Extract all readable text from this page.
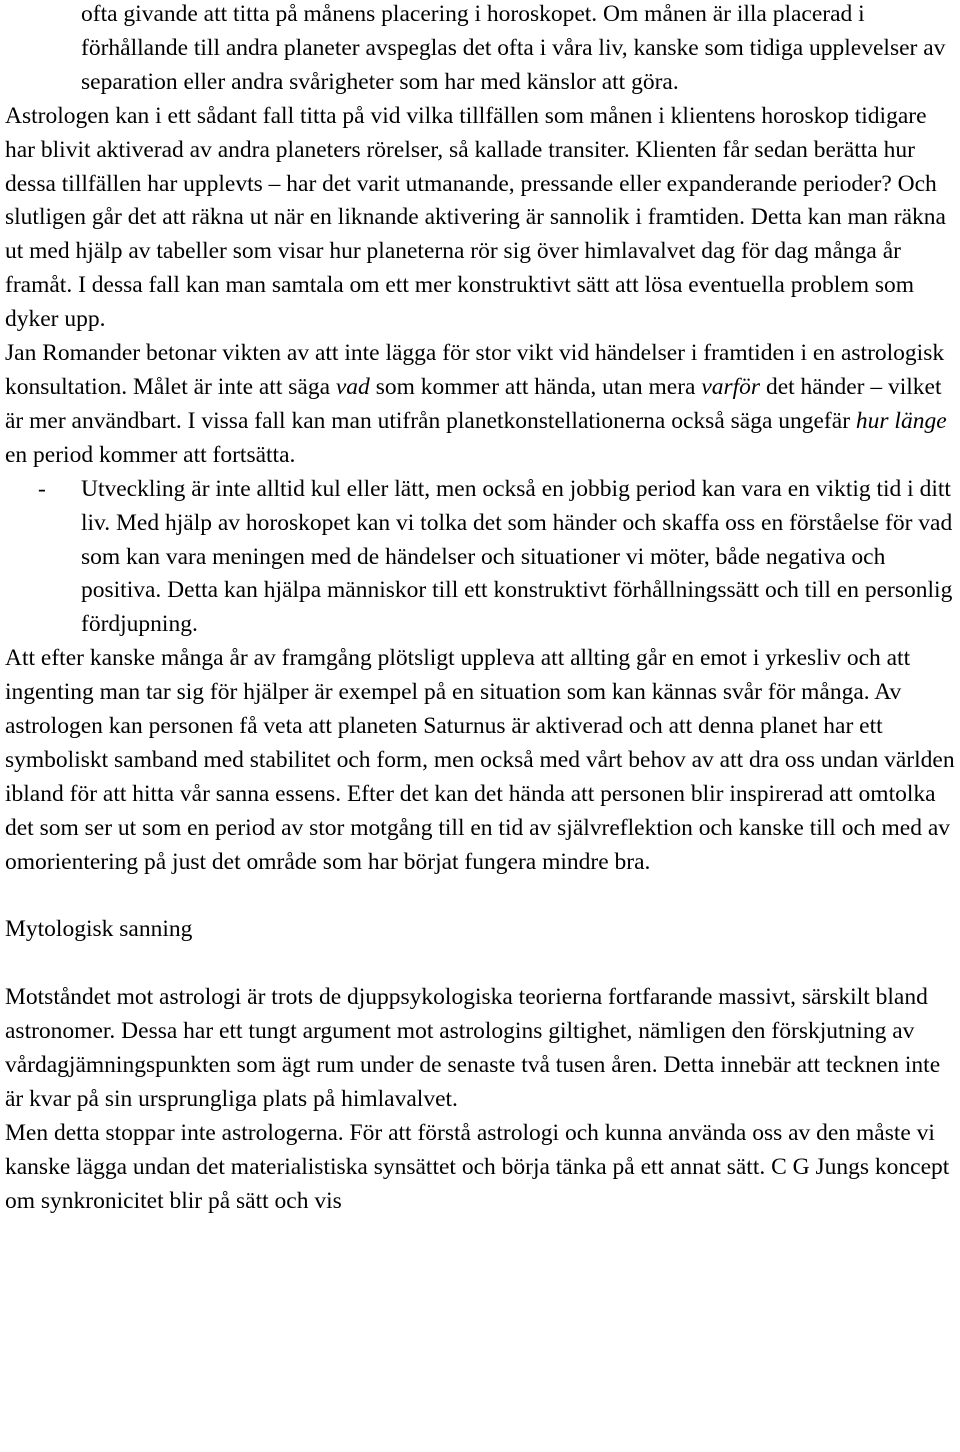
ofta givande att titta på månens placering i horoskopet. Om månen är illa placerad i förhållande till andra planeter avspeglas det ofta i våra liv, kanske som tidiga upplevelser av separation eller andra svårigheter som har med känslor att göra.

Astrologen kan i ett sådant fall titta på vid vilka tillfällen som månen i klientens horoskop tidigare har blivit aktiverad av andra planeters rörelser, så kallade transiter. Klienten får sedan berätta hur dessa tillfällen har upplevts – har det varit utmanande, pressande eller expanderande perioder? Och slutligen går det att räkna ut när en liknande aktivering är sannolik i framtiden. Detta kan man räkna ut med hjälp av tabeller som visar hur planeterna rör sig över himlavalvet dag för dag många år framåt. I dessa fall kan man samtala om ett mer konstruktivt sätt att lösa eventuella problem som dyker upp.

Jan Romander betonar vikten av att inte lägga för stor vikt vid händelser i framtiden i en astrologisk konsultation. Målet är inte att säga vad som kommer att hända, utan mera varför det händer – vilket är mer användbart. I vissa fall kan man utifrån planetkonstellationerna också säga ungefär hur länge en period kommer att fortsätta.

- Utveckling är inte alltid kul eller lätt, men också en jobbig period kan vara en viktig tid i ditt liv. Med hjälp av horoskopet kan vi tolka det som händer och skaffa oss en förståelse för vad som kan vara meningen med de händelser och situationer vi möter, både negativa och positiva. Detta kan hjälpa människor till ett konstruktivt förhållningssätt och till en personlig fördjupning.

Att efter kanske många år av framgång plötsligt uppleva att allting går en emot i yrkesliv och att ingenting man tar sig för hjälper är exempel på en situation som kan kännas svår för många. Av astrologen kan personen få veta att planeten Saturnus är aktiverad och att denna planet har ett symboliskt samband med stabilitet och form, men också med vårt behov av att dra oss undan världen ibland för att hitta vår sanna essens. Efter det kan det hända att personen blir inspirerad att omtolka det som ser ut som en period av stor motgång till en tid av självreflektion och kanske till och med av omorientering på just det område som har börjat fungera mindre bra.

Mytologisk sanning

Motståndet mot astrologi är trots de djuppsykologiska teorierna fortfarande massivt, särskilt bland astronomer. Dessa har ett tungt argument mot astrologins giltighet, nämligen den förskjutning av vårdagjämningspunkten som ägt rum under de senaste två tusen åren. Detta innebär att tecknen inte är kvar på sin ursprungliga plats på himlavalvet.

Men detta stoppar inte astrologerna. För att förstå astrologi och kunna använda oss av den måste vi kanske lägga undan det materialistiska synsättet och börja tänka på ett annat sätt. C G Jungs koncept om synkronicitet blir på sätt och vis
